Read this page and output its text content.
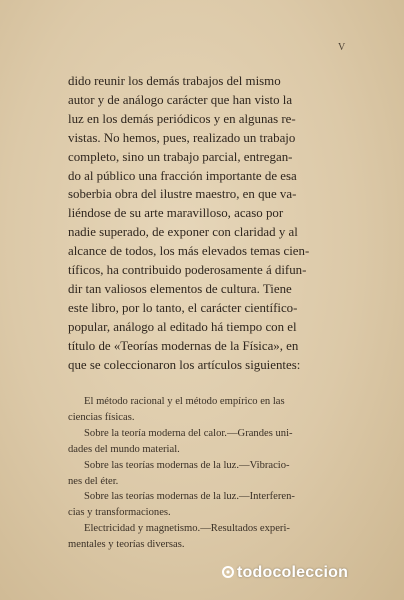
V

dido reunir los demás trabajos del mismo
autor y de análogo carácter que han visto la
luz en los demás periódicos y en algunas re-
vistas. No hemos, pues, realizado un trabajo
completo, sino un trabajo parcial, entregan-
do al público una fracción importante de esa
soberbia obra del ilustre maestro, en que va-
liéndose de su arte maravilloso, acaso por
nadie superado, de exponer con claridad y al
alcance de todos, los más elevados temas cien-
tíficos, ha contribuido poderosamente á difun-
dir tan valiosos elementos de cultura. Tiene
este libro, por lo tanto, el carácter científico-
popular, análogo al editado há tiempo con el
título de «Teorías modernas de la Física», en
que se coleccionaron los artículos siguientes:

El método racional y el método empírico en las
ciencias físicas.
Sobre la teoría moderna del calor.—Grandes uni-
dades del mundo material.
Sobre las teorías modernas de la luz.—Vibracio-
nes del éter.
Sobre las teorías modernas de la luz.—Interferen-
cias y transformaciones.
Electricidad y magnetismo.—Resultados experi-
mentales y teorías diversas.
todocoleccion
